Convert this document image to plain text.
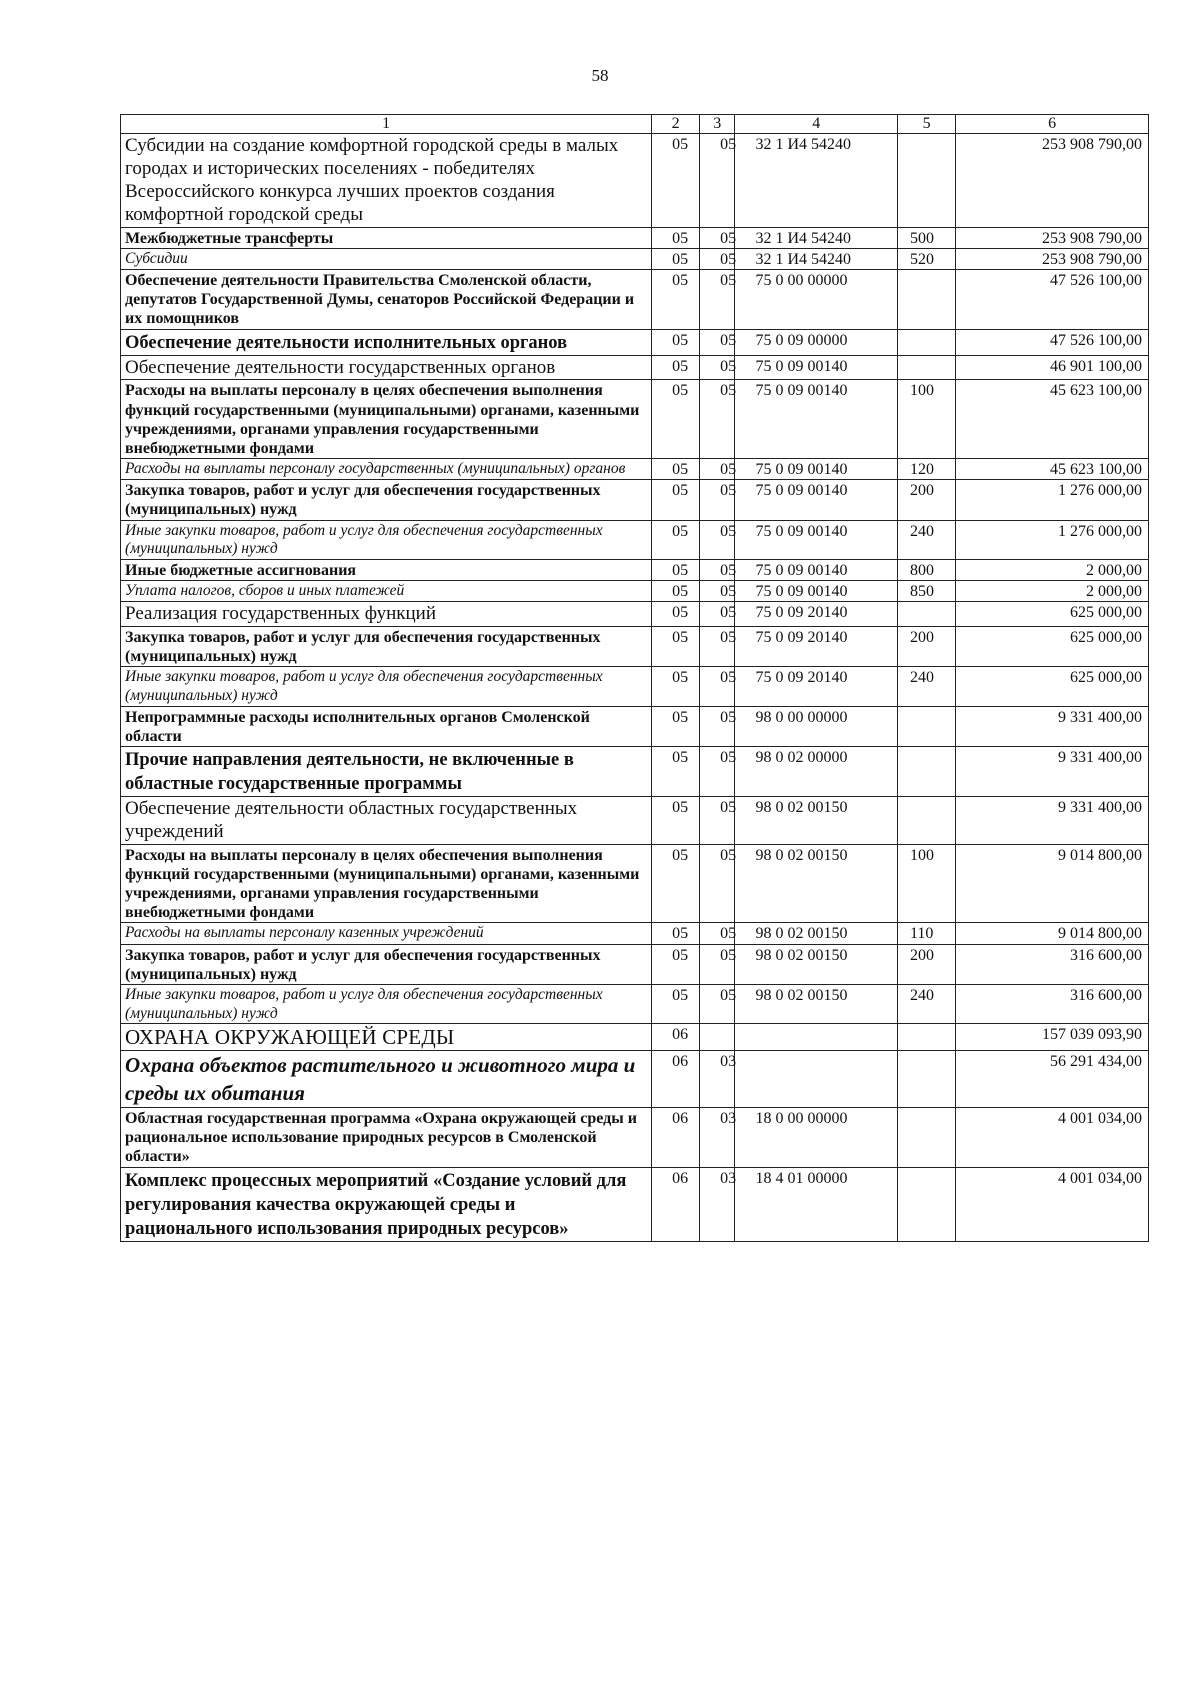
58
1	2	3	4	5	6
Субсидии на создание комфортной городской среды в малых городах и исторических поселениях - победителях Всероссийского конкурса лучших проектов создания комфортной городской среды	05	05	32 1 И4 54240		253 908 790,00
Межбюджетные трансферты	05	05	32 1 И4 54240	500	253 908 790,00
Субсидии	05	05	32 1 И4 54240	520	253 908 790,00
Обеспечение деятельности Правительства Смоленской области, депутатов Государственной Думы, сенаторов Российской Федерации и их помощников	05	05	75 0 00 00000		47 526 100,00
Обеспечение деятельности исполнительных органов	05	05	75 0 09 00000		47 526 100,00
Обеспечение деятельности государственных органов	05	05	75 0 09 00140		46 901 100,00
Расходы на выплаты персоналу в целях обеспечения выполнения функций государственными (муниципальными) органами, казенными учреждениями, органами управления государственными внебюджетными фондами	05	05	75 0 09 00140	100	45 623 100,00
Расходы на выплаты персоналу государственных (муниципальных) органов	05	05	75 0 09 00140	120	45 623 100,00
Закупка товаров, работ и услуг для обеспечения государственных (муниципальных) нужд	05	05	75 0 09 00140	200	1 276 000,00
Иные закупки товаров, работ и услуг для обеспечения государственных (муниципальных) нужд	05	05	75 0 09 00140	240	1 276 000,00
Иные бюджетные ассигнования	05	05	75 0 09 00140	800	2 000,00
Уплата налогов, сборов и иных платежей	05	05	75 0 09 00140	850	2 000,00
Реализация государственных функций	05	05	75 0 09 20140		625 000,00
Закупка товаров, работ и услуг для обеспечения государственных (муниципальных) нужд	05	05	75 0 09 20140	200	625 000,00
Иные закупки товаров, работ и услуг для обеспечения государственных (муниципальных) нужд	05	05	75 0 09 20140	240	625 000,00
Непрограммные расходы исполнительных органов Смоленской области	05	05	98 0 00 00000		9 331 400,00
Прочие направления деятельности, не включенные в областные государственные программы	05	05	98 0 02 00000		9 331 400,00
Обеспечение деятельности областных государственных учреждений	05	05	98 0 02 00150		9 331 400,00
Расходы на выплаты персоналу в целях обеспечения выполнения функций государственными (муниципальными) органами, казенными учреждениями, органами управления государственными внебюджетными фондами	05	05	98 0 02 00150	100	9 014 800,00
Расходы на выплаты персоналу казенных учреждений	05	05	98 0 02 00150	110	9 014 800,00
Закупка товаров, работ и услуг для обеспечения государственных (муниципальных) нужд	05	05	98 0 02 00150	200	316 600,00
Иные закупки товаров, работ и услуг для обеспечения государственных (муниципальных) нужд	05	05	98 0 02 00150	240	316 600,00
ОХРАНА ОКРУЖАЮЩЕЙ СРЕДЫ	06				157 039 093,90
Охрана объектов растительного и животного мира и среды их обитания	06	03			56 291 434,00
Областная государственная программа «Охрана окружающей среды и рациональное использование природных ресурсов в Смоленской области»	06	03	18 0 00 00000		4 001 034,00
Комплекс процессных мероприятий «Создание условий для регулирования качества окружающей среды и рационального использования природных ресурсов»	06	03	18 4 01 00000		4 001 034,00
